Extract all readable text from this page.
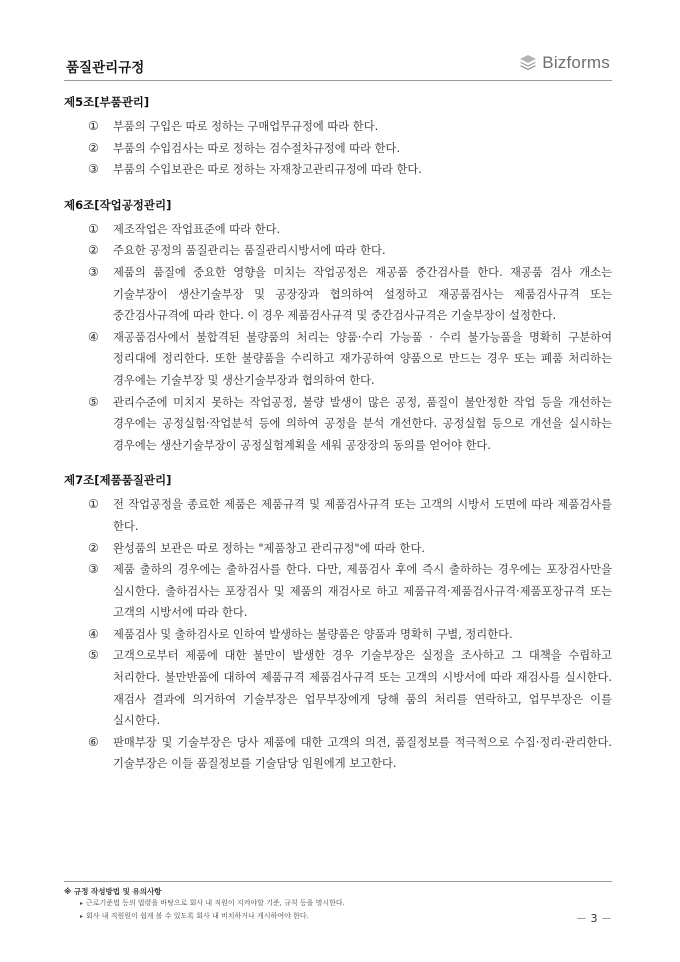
품질관리규정	Bizforms
제5조[부품관리]
①	부품의 구입은 따로 정하는 구매업무규정에 따라 한다.
②	부품의 수입검사는 따로 정하는 검수절차규정에 따라 한다.
③	부품의 수입보관은 따로 정하는 자재창고관리규정에 따라 한다.
제6조[작업공정관리]
①	제조작업은 작업표준에 따라 한다.
②	주요한 공정의 품질관리는 품질관리시방서에 따라 한다.
③	제품의 품질에 중요한 영향을 미치는 작업공정은 재공품 중간검사를 한다. 재공품 검사 개소는 기술부장이 생산기술부장 및 공장장과 협의하여 설정하고 재공품검사는 제품검사규격 또는 중간검사규격에 따라 한다. 이 경우 제품검사규격 및 중간검사규격은 기술부장이 설정한다.
④	재공품검사에서 불합격된 불량품의 처리는 양품·수리 가능품 · 수리 불가능품을 명확히 구분하여 정리대에 정리한다. 또한 불량품을 수리하고 재가공하여 양품으로 만드는 경우 또는 폐품 처리하는 경우에는 기술부장 및 생산기술부장과 협의하여 한다.
⑤	관리수준에 미치지 못하는 작업공정, 불량 발생이 많은 공정, 품질이 불안정한 작업 등을 개선하는 경우에는 공정실험·작업분석 등에 의하여 공정을 분석 개선한다. 공정실험 등으로 개선을 실시하는 경우에는 생산기술부장이 공정실험계획을 세워 공장장의 동의를 얻어야 한다.
제7조[제품품질관리]
①	전 작업공정을 종료한 제품은 제품규격 및 제품검사규격 또는 고객의 시방서 도면에 따라 제품검사를 한다.
②	완성품의 보관은 따로 정하는 "제품창고 관리규정"에 따라 한다.
③	제품 출하의 경우에는 출하검사를 한다. 다만, 제품검사 후에 즉시 출하하는 경우에는 포장검사만을 실시한다. 출하검사는 포장검사 및 제품의 재검사로 하고 제품규격·제품검사규격·제품포장규격 또는 고객의 시방서에 따라 한다.
④	제품검사 및 출하검사로 인하여 발생하는 불량품은 양품과 명확히 구별, 정리한다.
⑤	고객으로부터 제품에 대한 불만이 발생한 경우 기술부장은 실정을 조사하고 그 대책을 수립하고 처리한다. 불만반품에 대하여 제품규격 제품검사규격 또는 고객의 시방서에 따라 재검사를 실시한다. 재검사 결과에 의거하여 기술부장은 업무부장에게 당해 품의 처리를 연락하고, 업무부장은 이를 실시한다.
⑥	판매부장 및 기술부장은 당사 제품에 대한 고객의 의견, 품질정보를 적극적으로 수집·정리·관리한다. 기술부장은 이들 품질정보를 기술담당 임원에게 보고한다.
※ 규정 작성방법 및 유의사항
▸ 근로기준법 등의 법령을 바탕으로 회사 내 직원이 지켜야할 기준, 규칙 등을 명시한다.
▸ 회사 내 직원원이 쉽게 볼 수 있도록 회사 내 비치하거나 게시하여야 한다.	－ 3 －
